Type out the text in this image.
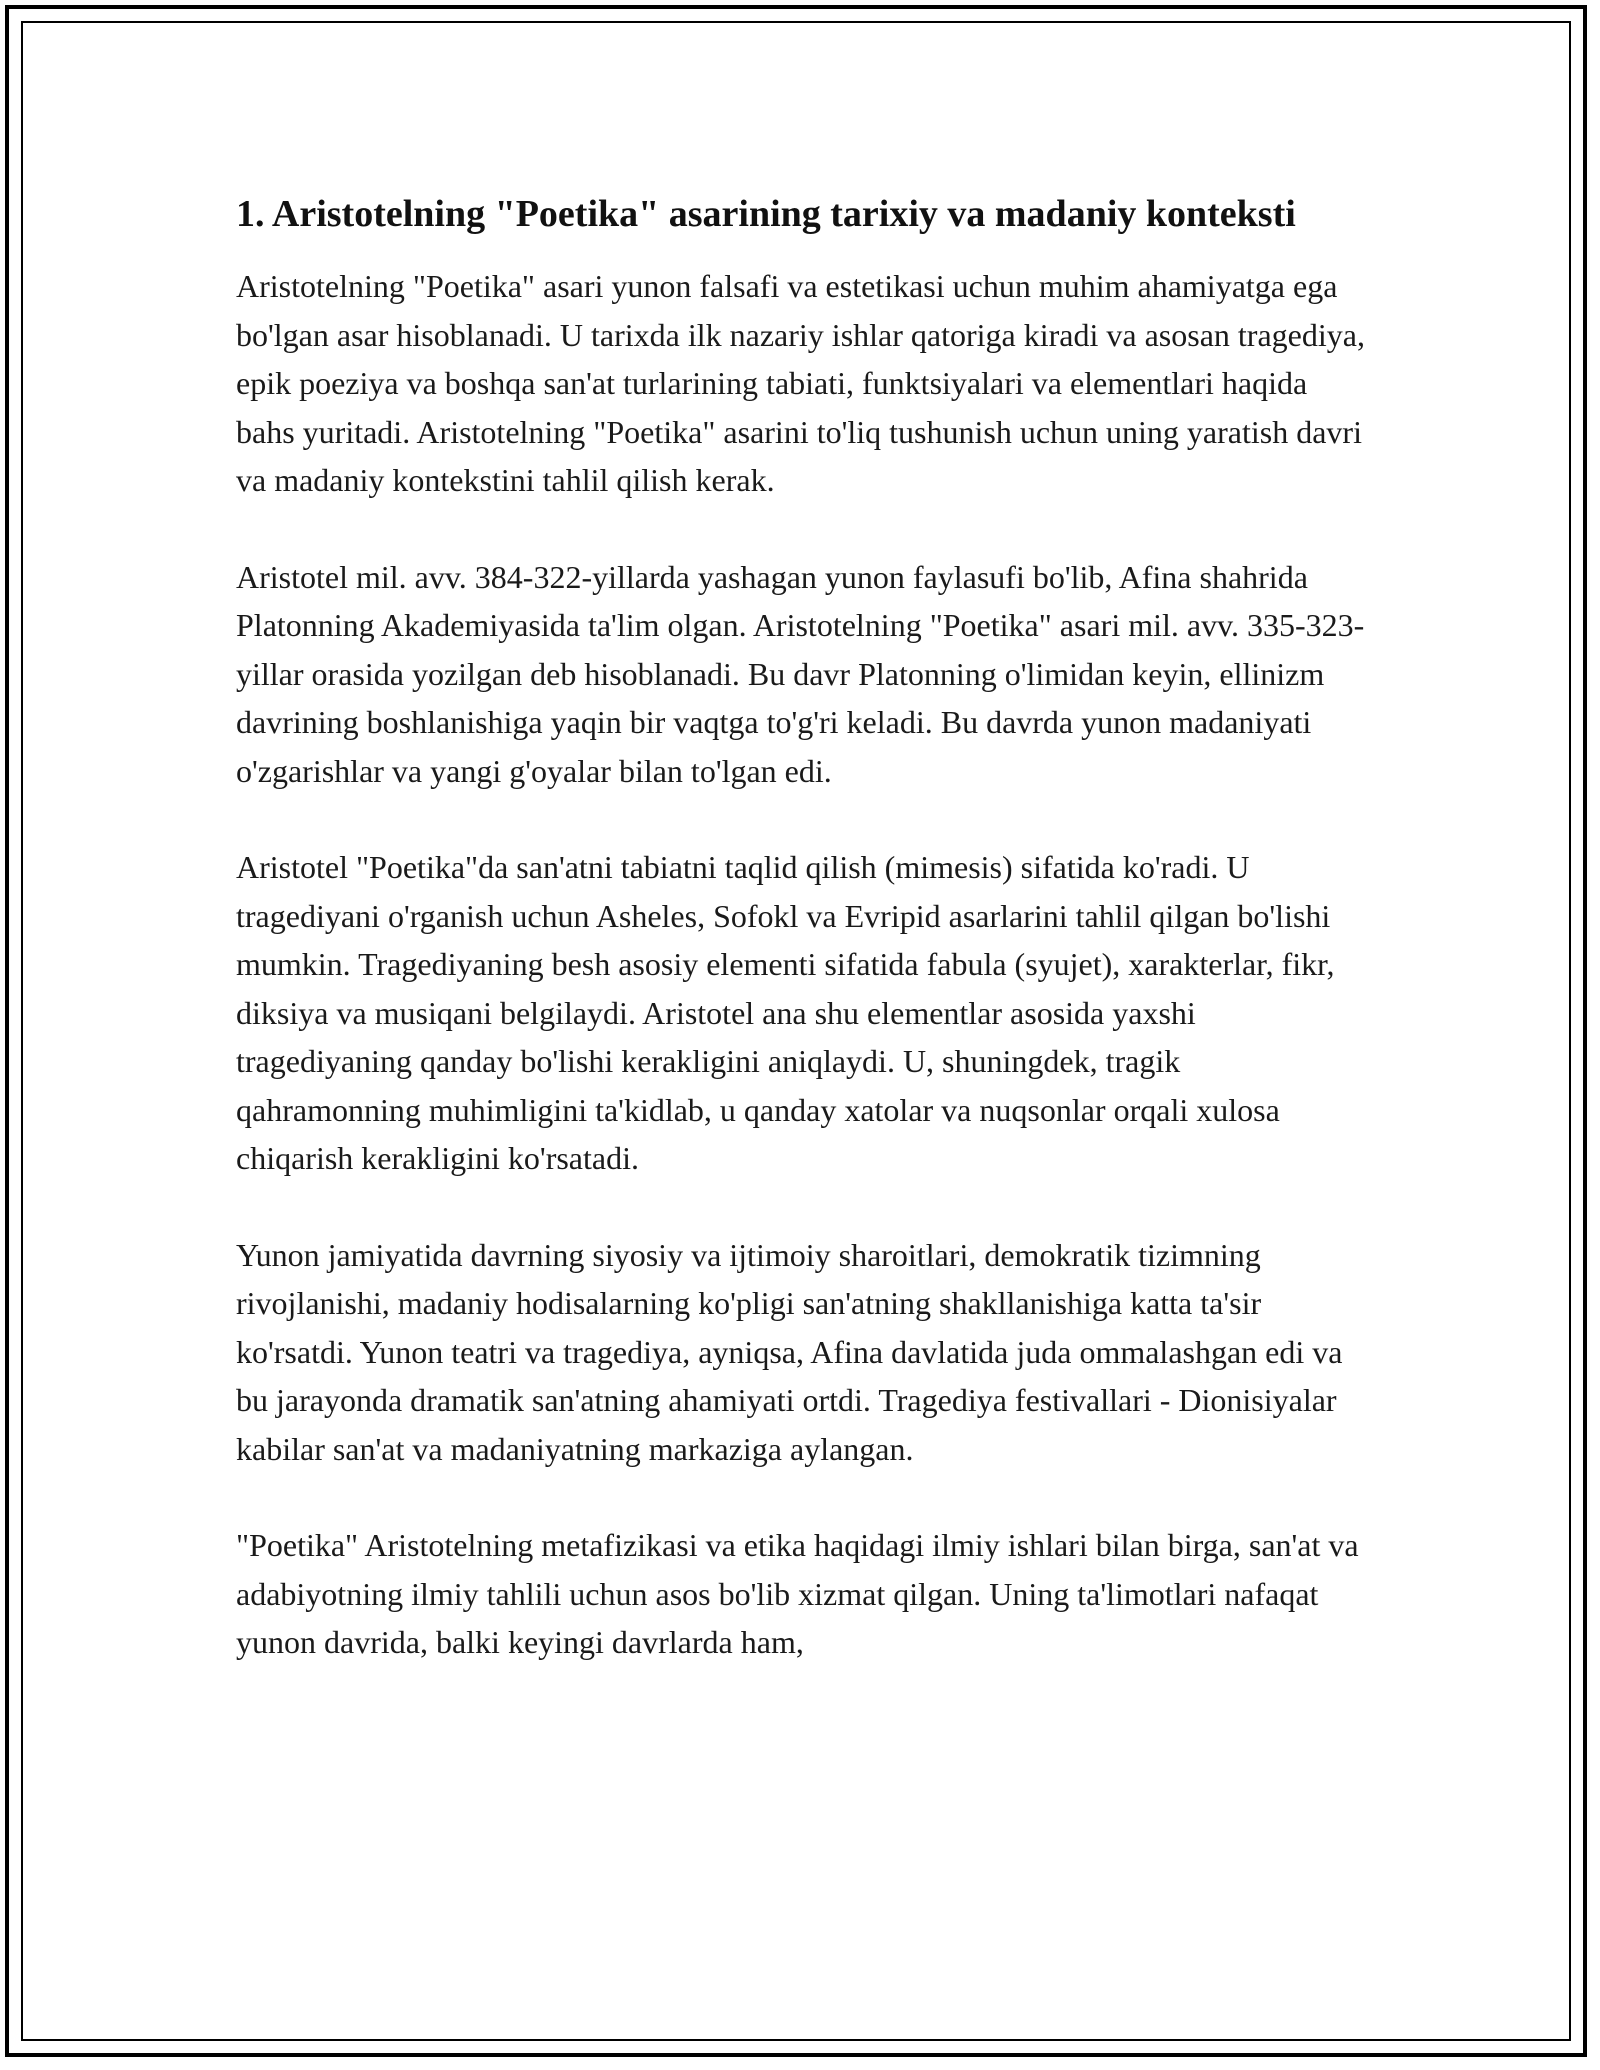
1. Aristotelning "Poetika" asarining tarixiy va madaniy konteksti

Aristotelning "Poetika" asari yunon falsafi va estetikasi uchun muhim ahamiyatga ega bo'lgan asar hisoblanadi. U tarixda ilk nazariy ishlar qatoriga kiradi va asosan tragediya, epik poeziya va boshqa san'at turlarining tabiati, funktsiyalari va elementlari haqida bahs yuritadi. Aristotelning "Poetika" asarini to'liq tushunish uchun uning yaratish davri va madaniy kontekstini tahlil qilish kerak.

Aristotel mil. avv. 384-322-yillarda yashagan yunon faylasufi bo'lib, Afina shahrida Platonning Akademiyasida ta'lim olgan. Aristotelning "Poetika" asari mil. avv. 335-323-yillar orasida yozilgan deb hisoblanadi. Bu davr Platonning o'limidan keyin, ellinizm davrining boshlanishiga yaqin bir vaqtga to'g'ri keladi. Bu davrda yunon madaniyati o'zgarishlar va yangi g'oyalar bilan to'lgan edi.

Aristotel "Poetika"da san'atni tabiatni taqlid qilish (mimesis) sifatida ko'radi. U tragediyani o'rganish uchun Asheles, Sofokl va Evripid asarlarini tahlil qilgan bo'lishi mumkin. Tragediyaning besh asosiy elementi sifatida fabula (syujet), xarakterlar, fikr, diksiya va musiqani belgilaydi. Aristotel ana shu elementlar asosida yaxshi tragediyaning qanday bo'lishi kerakligini aniqlaydi. U, shuningdek, tragik qahramonning muhimligini ta'kidlab, u qanday xatolar va nuqsonlar orqali xulosa chiqarish kerakligini ko'rsatadi.

Yunon jamiyatida davrning siyosiy va ijtimoiy sharoitlari, demokratik tizimning rivojlanishi, madaniy hodisalarning ko'pligi san'atning shakllanishiga katta ta'sir ko'rsatdi. Yunon teatri va tragediya, ayniqsa, Afina davlatida juda ommalashgan edi va bu jarayonda dramatik san'atning ahamiyati ortdi. Tragediya festivallari - Dionisiyalar kabilar san'at va madaniyatning markaziga aylangan.

"Poetika" Aristotelning metafizikasi va etika haqidagi ilmiy ishlari bilan birga, san'at va adabiyotning ilmiy tahlili uchun asos bo'lib xizmat qilgan. Uning ta'limotlari nafaqat yunon davrida, balki keyingi davrlarda ham,
